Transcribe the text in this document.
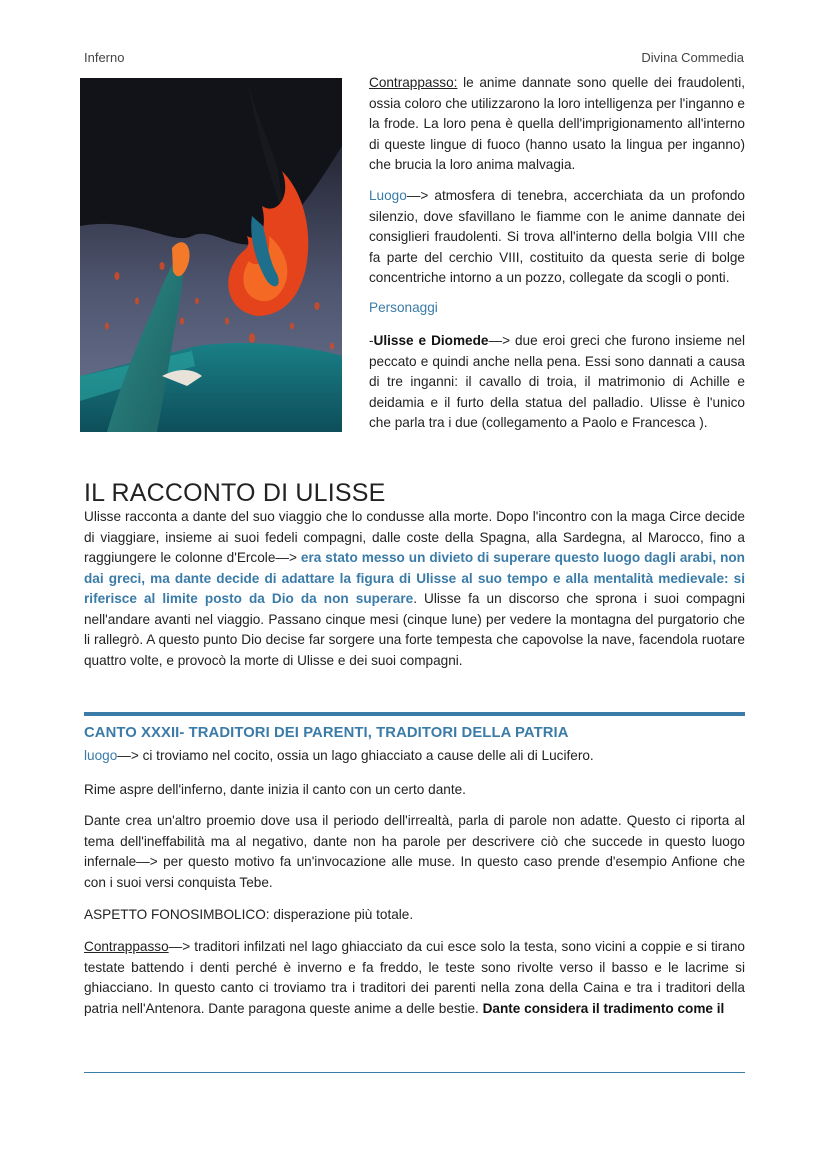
Inferno	Divina Commedia

Contrappasso: le anime dannate sono quelle dei fraudolenti, ossia coloro che utilizzarono la loro intelligenza per l'inganno e la frode. La loro pena è quella dell'imprigionamento all'interno di queste lingue di fuoco (hanno usato la lingua per inganno) che brucia la loro anima malvagia.

Luogo—> atmosfera di tenebra, accerchiata da un profondo silenzio, dove sfavillano le fiamme con le anime dannate dei consiglieri fraudolenti. Si trova all'interno della bolgia VIII che fa parte del cerchio VIII, costituito da questa serie di bolge concentriche intorno a un pozzo, collegate da scogli o ponti.

Personaggi

-Ulisse e Diomede—> due eroi greci che furono insieme nel peccato e quindi anche nella pena. Essi sono dannati a causa di tre inganni: il cavallo di troia, il matrimonio di Achille e deidamia e il furto della statua del palladio. Ulisse è l'unico che parla tra i due (collegamento a Paolo e Francesca ).

IL RACCONTO DI ULISSE

Ulisse racconta a dante del suo viaggio che lo condusse alla morte. Dopo l'incontro con la maga Circe decide di viaggiare, insieme ai suoi fedeli compagni, dalle coste della Spagna, alla Sardegna, al Marocco, fino a raggiungere le colonne d'Ercole—> era stato messo un divieto di superare questo luogo dagli arabi, non dai greci, ma dante decide di adattare la figura di Ulisse al suo tempo e alla mentalità medievale: si riferisce al limite posto da Dio da non superare. Ulisse fa un discorso che sprona i suoi compagni nell'andare avanti nel viaggio. Passano cinque mesi (cinque lune) per vedere la montagna del purgatorio che li rallegrò. A questo punto Dio decise far sorgere una forte tempesta che capovolse la nave, facendola ruotare quattro volte, e provocò la morte di Ulisse e dei suoi compagni.

CANTO XXXII- TRADITORI DEI PARENTI, TRADITORI DELLA PATRIA

luogo—> ci troviamo nel cocito, ossia un lago ghiacciato a cause delle ali di Lucifero.

Rime aspre dell'inferno, dante inizia il canto con un certo dante.

Dante crea un'altro proemio dove usa il periodo dell'irrealtà, parla di parole non adatte. Questo ci riporta al tema dell'ineffabilità ma al negativo, dante non ha parole per descrivere ciò che succede in questo luogo infernale—> per questo motivo fa un'invocazione alle muse. In questo caso prende d'esempio Anfione che con i suoi versi conquista Tebe.

ASPETTO FONOSIMBOLICO: disperazione più totale.

Contrappasso—> traditori infilzati nel lago ghiacciato da cui esce solo la testa, sono vicini a coppie e si tirano testate battendo i denti perché è inverno e fa freddo, le teste sono rivolte verso il basso e le lacrime si ghiacciano. In questo canto ci troviamo tra i traditori dei parenti nella zona della Caina e tra i traditori della patria nell'Antenora. Dante paragona queste anime a delle bestie. Dante considera il tradimento come il
